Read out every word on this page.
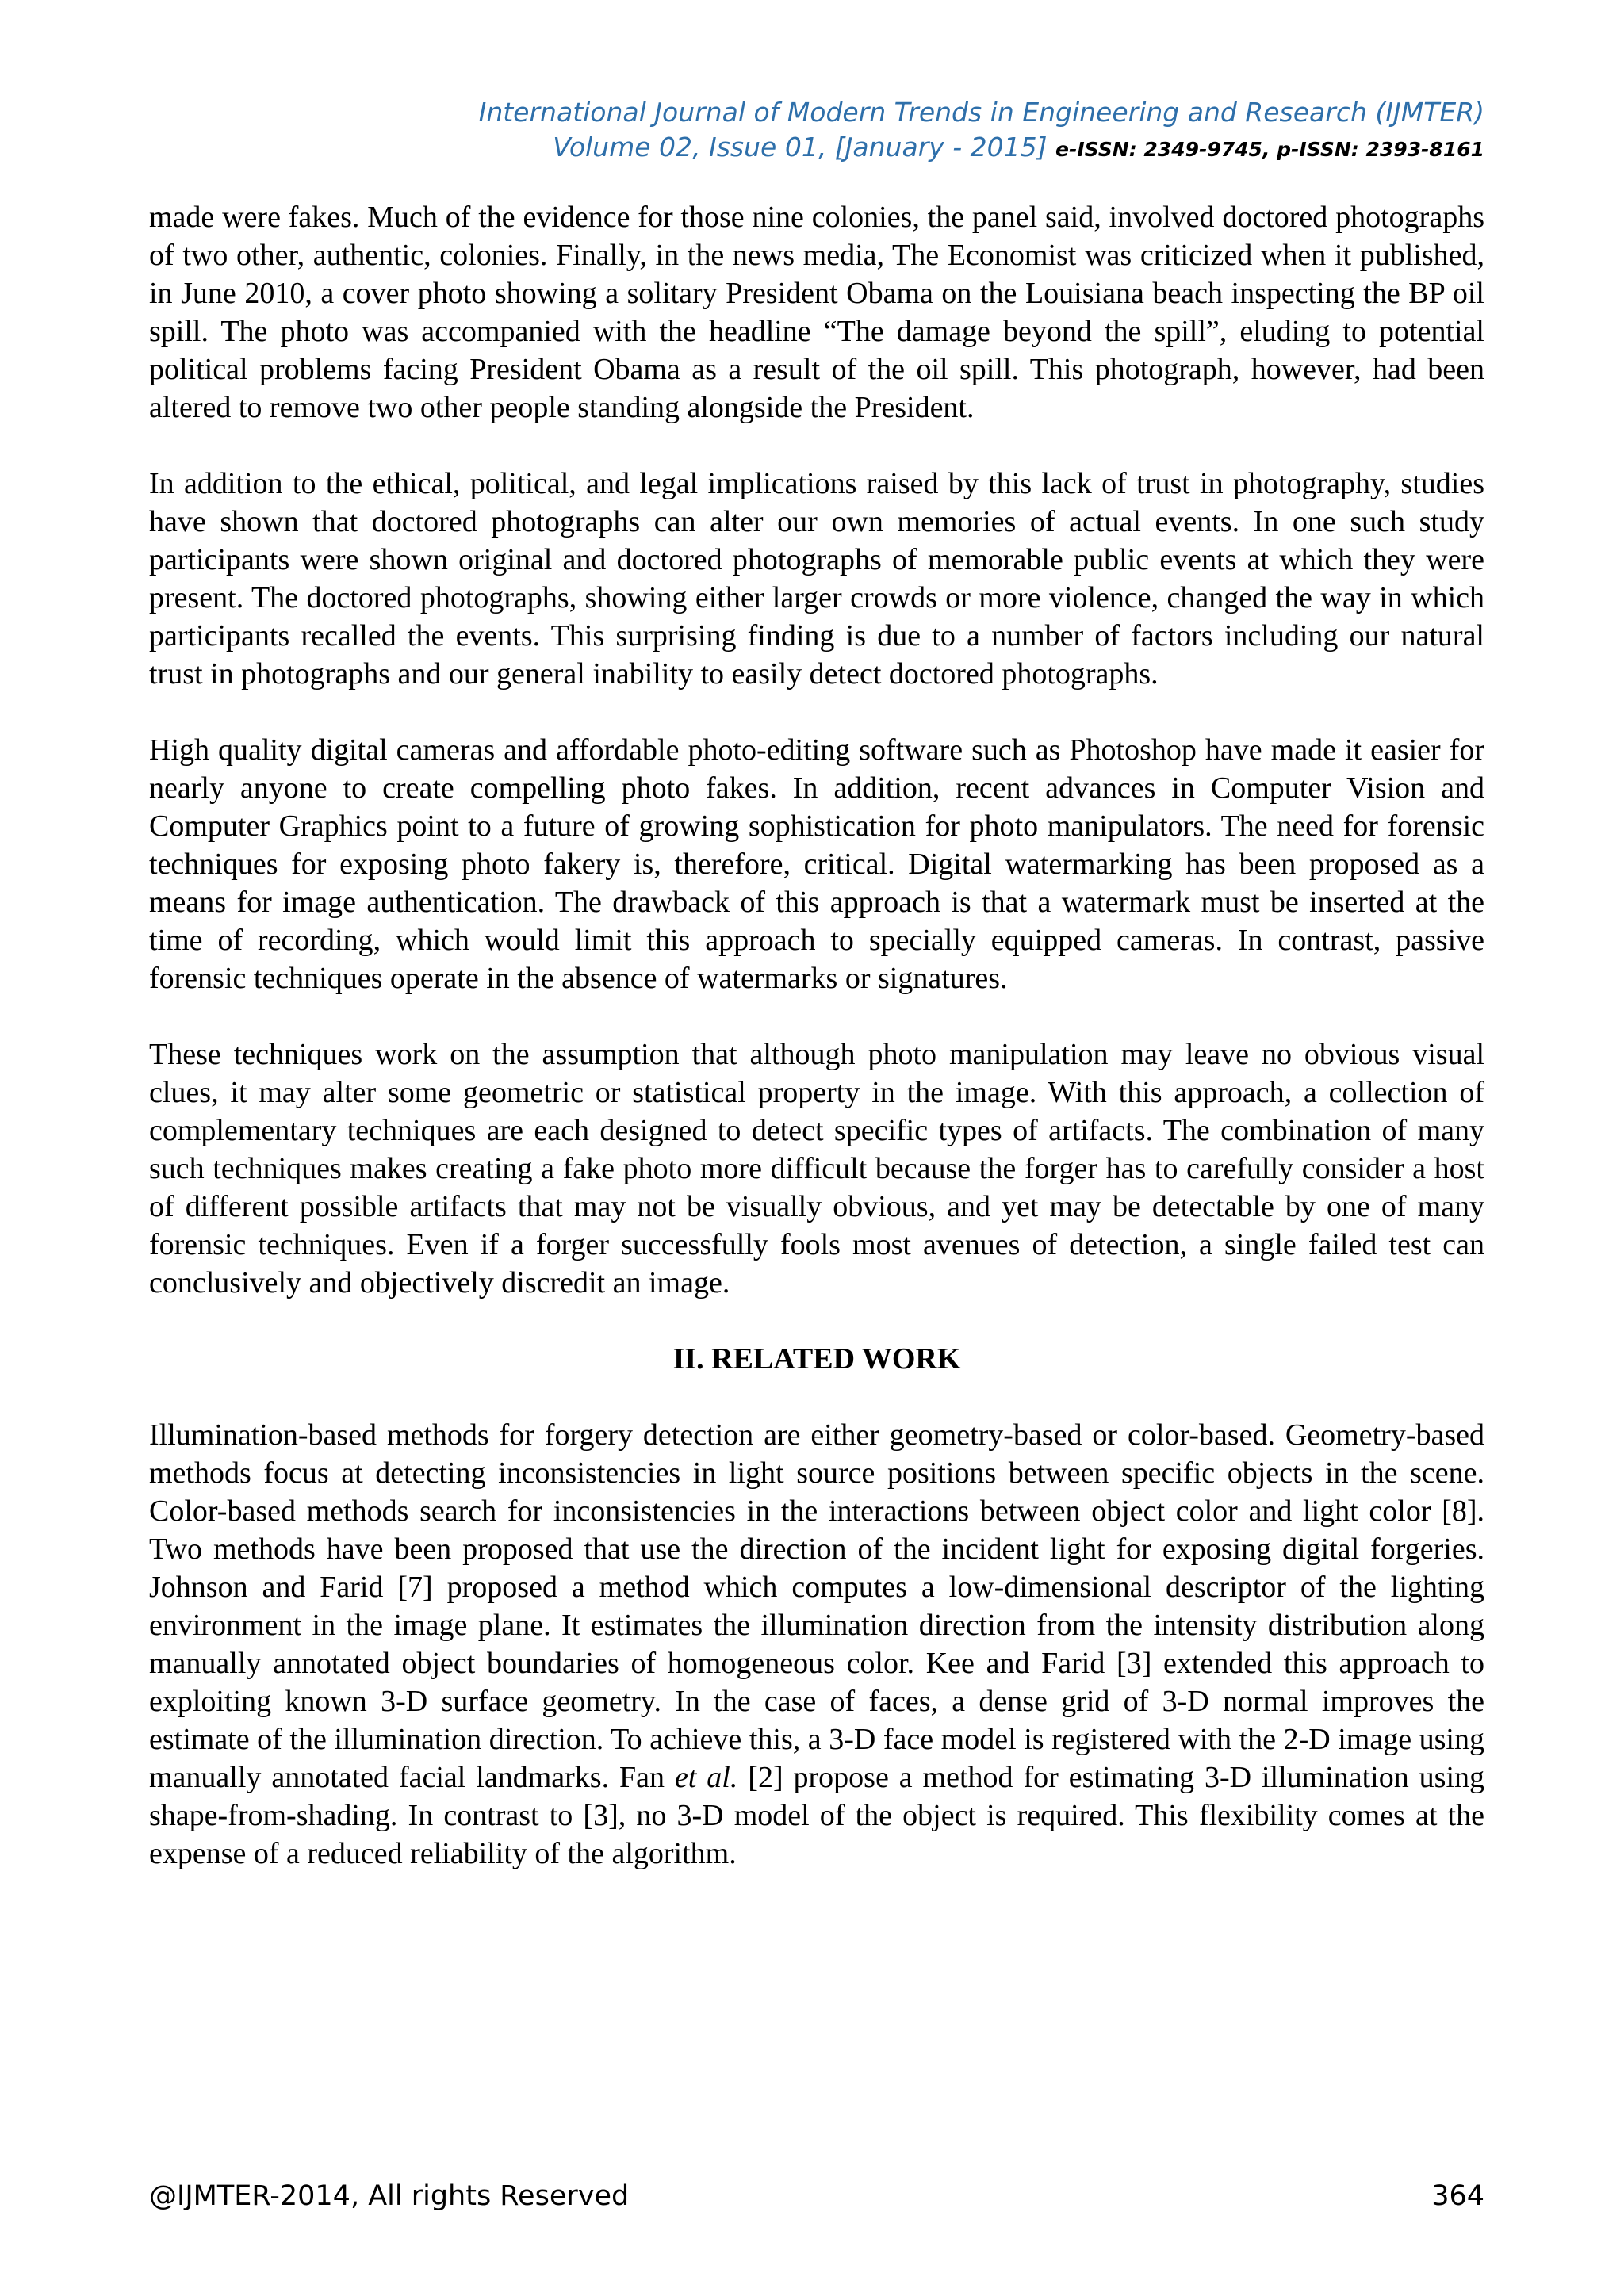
International Journal of Modern Trends in Engineering and Research (IJMTER)
Volume 02, Issue 01, [January - 2015] e-ISSN: 2349-9745, p-ISSN: 2393-8161

made were fakes. Much of the evidence for those nine colonies, the panel said, involved doctored photographs of two other, authentic, colonies. Finally, in the news media, The Economist was criticized when it published, in June 2010, a cover photo showing a solitary President Obama on the Louisiana beach inspecting the BP oil spill. The photo was accompanied with the headline “The damage beyond the spill”, eluding to potential political problems facing President Obama as a result of the oil spill. This photograph, however, had been altered to remove two other people standing alongside the President.

In addition to the ethical, political, and legal implications raised by this lack of trust in photography, studies have shown that doctored photographs can alter our own memories of actual events. In one such study participants were shown original and doctored photographs of memorable public events at which they were present. The doctored photographs, showing either larger crowds or more violence, changed the way in which participants recalled the events. This surprising finding is due to a number of factors including our natural trust in photographs and our general inability to easily detect doctored photographs.

High quality digital cameras and affordable photo-editing software such as Photoshop have made it easier for nearly anyone to create compelling photo fakes. In addition, recent advances in Computer Vision and Computer Graphics point to a future of growing sophistication for photo manipulators. The need for forensic techniques for exposing photo fakery is, therefore, critical. Digital watermarking has been proposed as a means for image authentication. The drawback of this approach is that a watermark must be inserted at the time of recording, which would limit this approach to specially equipped cameras. In contrast, passive forensic techniques operate in the absence of watermarks or signatures.

These techniques work on the assumption that although photo manipulation may leave no obvious visual clues, it may alter some geometric or statistical property in the image. With this approach, a collection of complementary techniques are each designed to detect specific types of artifacts. The combination of many such techniques makes creating a fake photo more difficult because the forger has to carefully consider a host of different possible artifacts that may not be visually obvious, and yet may be detectable by one of many forensic techniques. Even if a forger successfully fools most avenues of detection, a single failed test can conclusively and objectively discredit an image.

II. RELATED WORK

Illumination-based methods for forgery detection are either geometry-based or color-based. Geometry-based methods focus at detecting inconsistencies in light source positions between specific objects in the scene. Color-based methods search for inconsistencies in the interactions between object color and light color [8]. Two methods have been proposed that use the direction of the incident light for exposing digital forgeries. Johnson and Farid [7] proposed a method which computes a low-dimensional descriptor of the lighting environment in the image plane. It estimates the illumination direction from the intensity distribution along manually annotated object boundaries of homogeneous color. Kee and Farid [3] extended this approach to exploiting known 3-D surface geometry. In the case of faces, a dense grid of 3-D normal improves the estimate of the illumination direction. To achieve this, a 3-D face model is registered with the 2-D image using manually annotated facial landmarks. Fan et al. [2] propose a method for estimating 3-D illumination using shape-from-shading. In contrast to [3], no 3-D model of the object is required. This flexibility comes at the expense of a reduced reliability of the algorithm.

@IJMTER-2014, All rights Reserved	364
